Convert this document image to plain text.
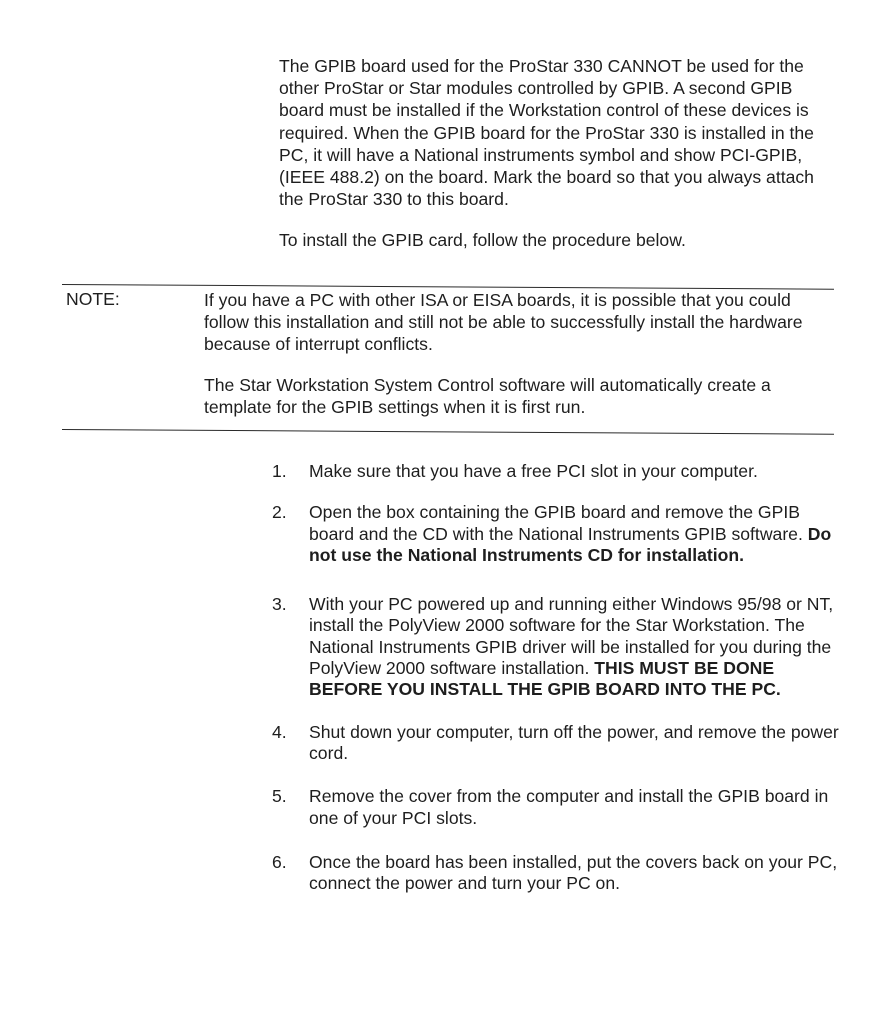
The GPIB board used for the ProStar 330 CANNOT be used for the other ProStar or Star modules controlled by GPIB. A second GPIB board must be installed if the Workstation control of these devices is required. When the GPIB board for the ProStar 330 is installed in the PC, it will have a National instruments symbol and show PCI-GPIB, (IEEE 488.2) on the board. Mark the board so that you always attach the ProStar 330 to this board.

To install the GPIB card, follow the procedure below.

NOTE:	If you have a PC with other ISA or EISA boards, it is possible that you could follow this installation and still not be able to successfully install the hardware because of interrupt conflicts.

The Star Workstation System Control software will automatically create a template for the GPIB settings when it is first run.

1. Make sure that you have a free PCI slot in your computer.
2. Open the box containing the GPIB board and remove the GPIB board and the CD with the National Instruments GPIB software. Do not use the National Instruments CD for installation.
3. With your PC powered up and running either Windows 95/98 or NT, install the PolyView 2000 software for the Star Workstation. The National Instruments GPIB driver will be installed for you during the PolyView 2000 software installation. THIS MUST BE DONE BEFORE YOU INSTALL THE GPIB BOARD INTO THE PC.
4. Shut down your computer, turn off the power, and remove the power cord.
5. Remove the cover from the computer and install the GPIB board in one of your PCI slots.
6. Once the board has been installed, put the covers back on your PC, connect the power and turn your PC on.
